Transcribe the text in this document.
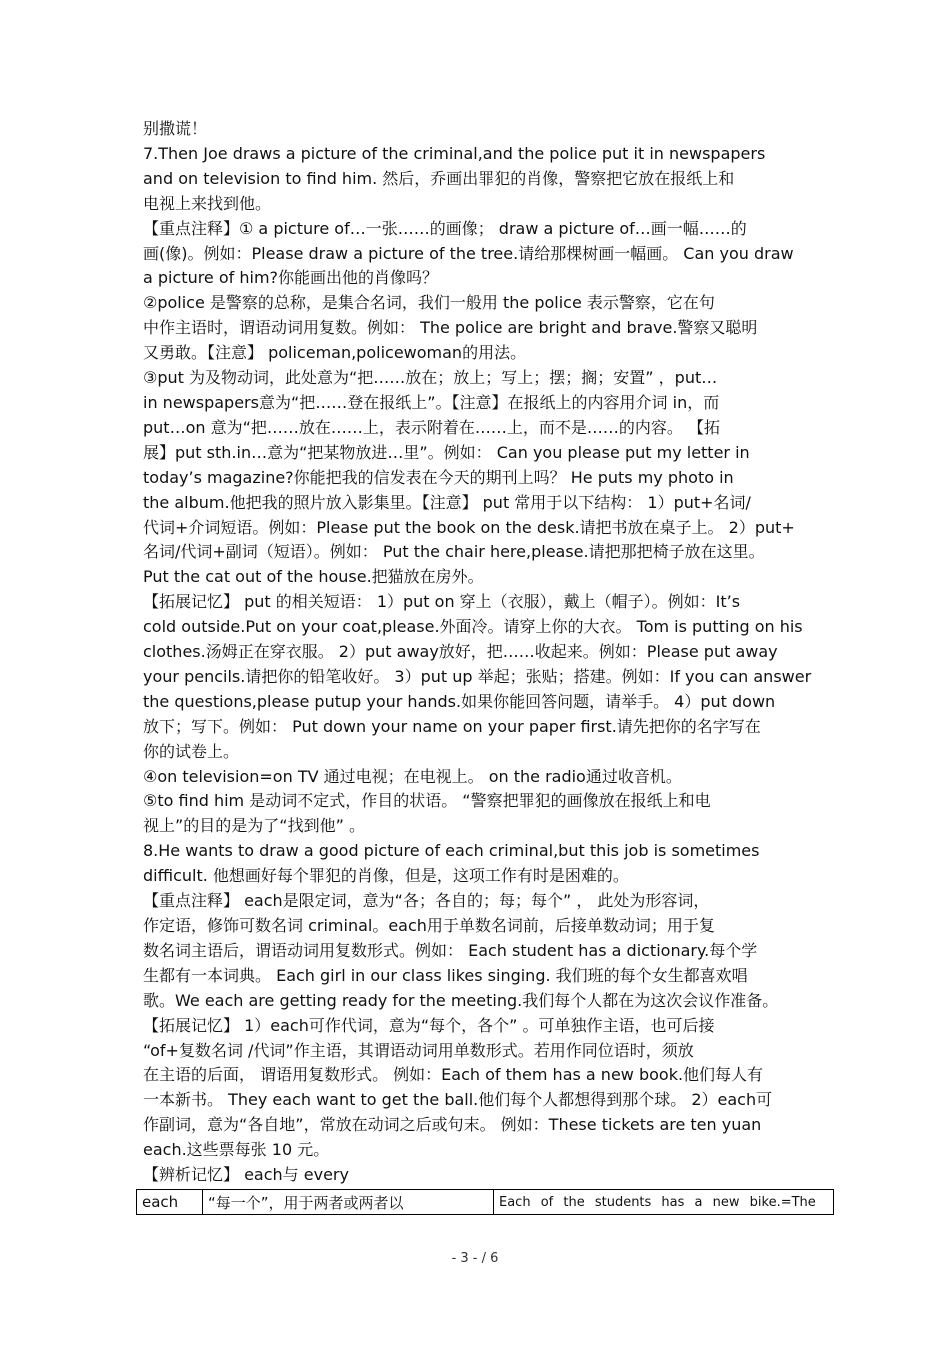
别撒谎！

7.Then Joe draws a picture of the criminal,and the police put it in newspapers

and on television to find him. 然后，乔画出罪犯的肖像，警察把它放在报纸上和

电视上来找到他。

【重点注释】① a picture of…一张……的画像； draw a picture of…画一幅……的

画(像)。例如：Please draw a picture of the tree.请给那棵树画一幅画。 Can you draw

a picture of him?你能画出他的肖像吗？

②police 是警察的总称，是集合名词，我们一般用 the police 表示警察，它在句

中作主语时，谓语动词用复数。例如： The police are bright and brave.警察又聪明

又勇敢。【注意】 policeman,policewoman的用法。

③put 为及物动词，此处意为“把……放在；放上；写上；摆；搁；安置” ，put…

in newspapers意为“把……登在报纸上”。【注意】在报纸上的内容用介词 in，而

put…on 意为“把……放在……上，表示附着在……上，而不是……的内容。 【拓

展】put sth.in…意为“把某物放进…里”。例如： Can you please put my letter in

today’s magazine?你能把我的信发表在今天的期刊上吗？ He puts my photo in

the album.他把我的照片放入影集里。【注意】 put 常用于以下结构： 1）put+名词/

代词+介词短语。例如：Please put the book on the desk.请把书放在桌子上。 2）put+

名词/代词+副词（短语）。例如： Put the chair here,please.请把那把椅子放在这里。

Put the cat out of the house.把猫放在房外。

【拓展记忆】 put 的相关短语： 1）put on 穿上（衣服），戴上（帽子）。例如：It’s

cold outside.Put on your coat,please.外面冷。请穿上你的大衣。 Tom is putting on his

clothes.汤姆正在穿衣服。 2）put away放好，把……收起来。例如：Please put away

your pencils.请把你的铅笔收好。 3）put up 举起；张贴；搭建。例如：If you can answer

the questions,please putup your hands.如果你能回答问题，请举手。 4）put down

放下；写下。例如： Put down your name on your paper first.请先把你的名字写在

你的试卷上。

④on television=on TV 通过电视；在电视上。 on the radio通过收音机。

⑤to find him 是动词不定式，作目的状语。 “警察把罪犯的画像放在报纸上和电

视上”的目的是为了“找到他” 。

8.He wants to draw a good picture of each criminal,but this job is sometimes

difficult. 他想画好每个罪犯的肖像，但是，这项工作有时是困难的。

【重点注释】 each是限定词，意为“各；各自的；每；每个” ， 此处为形容词，

作定语，修饰可数名词 criminal。each用于单数名词前，后接单数动词；用于复

数名词主语后，谓语动词用复数形式。例如： Each student has a dictionary.每个学

生都有一本词典。 Each girl in our class likes singing. 我们班的每个女生都喜欢唱

歌。We each are getting ready for the meeting.我们每个人都在为这次会议作准备。

【拓展记忆】 1）each可作代词，意为“每个，各个” 。可单独作主语，也可后接

“of+复数名词 /代词”作主语，其谓语动词用单数形式。若用作同位语时，须放

在主语的后面， 谓语用复数形式。 例如：Each of them has a new book.他们每人有

一本新书。 They each want to get the ball.他们每个人都想得到那个球。 2）each可

作副词，意为“各自地”，常放在动词之后或句末。 例如：These tickets are ten yuan

each.这些票每张 10 元。

【辨析记忆】 each与 every

each	“每一个”，用于两者或两者以	Each of the students has a new bike.=The
- 3 - / 6
